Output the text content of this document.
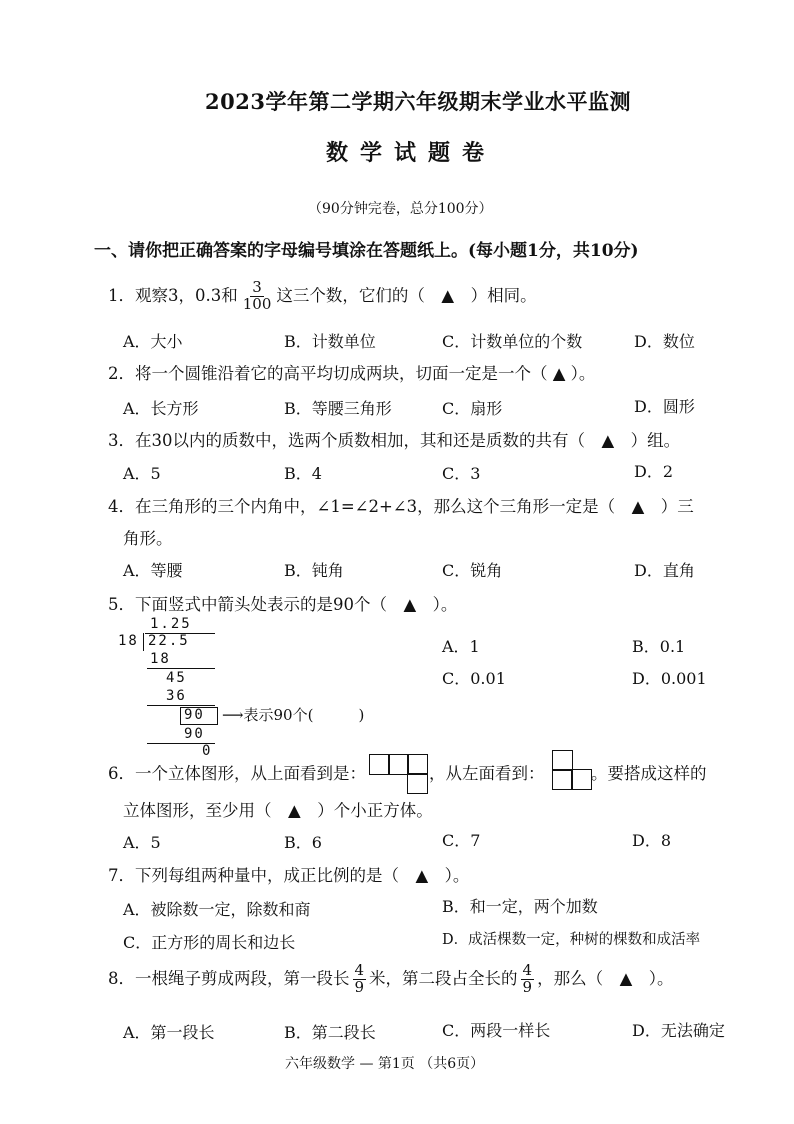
2023学年第二学期六年级期末学业水平监测
数学试题卷
（90分钟完卷，总分100分）
一、请你把正确答案的字母编号填涂在答题纸上。(每小题1分，共10分)
1．观察3，0.3和 $\frac{3}{100}$ 这三个数，它们的（　▲　）相同。
A．大小	B．计数单位	C．计数单位的个数	D．数位
2．将一个圆锥沿着它的高平均切成两块，切面一定是一个（ ▲ ）。
A．长方形	B．等腰三角形	C．扇形	D．圆形
3．在30以内的质数中，选两个质数相加，其和还是质数的共有（　▲　）组。
A．5	B．4	C．3	D．2
4．在三角形的三个内角中，∠1=∠2+∠3，那么这个三角形一定是（　▲　）三
角形。
A．等腰	B．钝角	C．锐角	D．直角
5．下面竖式中箭头处表示的是90个（　▲　）。
1.25
18 22.5
18
45
36
90 ⟶表示90个(　　　)
90
0
A．1	B．0.1
C．0.01	D．0.001
6．一个立体图形，从上面看到是：	，从左面看到：	。要搭成这样的
立体图形，至少用（　▲　）个小正方体。
A．5	B．6	C．7	D．8
7．下列每组两种量中，成正比例的是（　▲　）。
A．被除数一定，除数和商	B．和一定，两个加数
C．正方形的周长和边长	D．成活棵数一定，种树的棵数和成活率
8．一根绳子剪成两段，第一段长 $\frac{4}{9}$ 米，第二段占全长的 $\frac{4}{9}$ ，那么（　▲　）。
A．第一段长	B．第二段长	C．两段一样长	D．无法确定
六年级数学 — 第1页 （共6页）
